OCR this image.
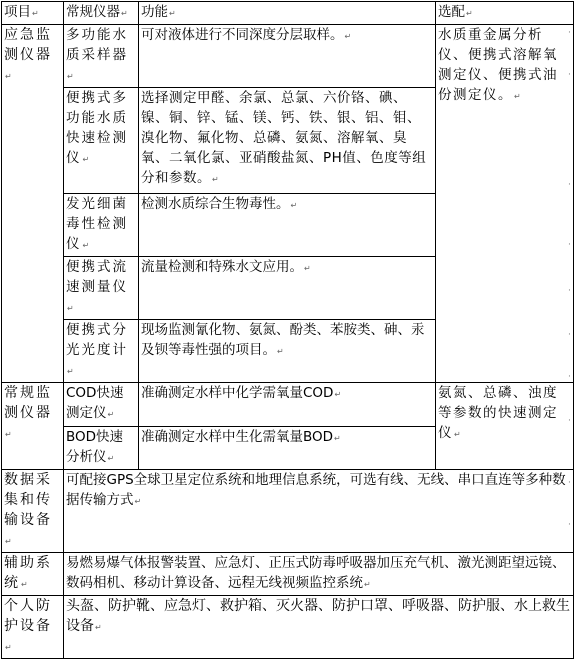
项目↵	常规仪器↵	功能↵	选配↵
应急监测仪器↵	多功能水质采样器↵	可对液体进行不同深度分层取样。↵	水质重金属分析仪、便携式溶解氧测定仪、便携式油份测定仪。↵
	便携式多功能水质快速检测仪↵	选择测定甲醛、余氯、总氯、六价铬、碘、镍、铜、锌、锰、镁、钙、铁、银、铝、钼、溴化物、氟化物、总磷、氨氮、溶解氧、臭氧、二氧化氯、亚硝酸盐氮、PH值、色度等组分和参数。↵	
	发光细菌毒性检测仪↵	检测水质综合生物毒性。↵	
	便携式流速测量仪↵	流量检测和特殊水文应用。↵	
	便携式分光光度计↵	现场监测氰化物、氨氮、酚类、苯胺类、砷、汞及钡等毒性强的项目。↵	
常规监测仪器↵	COD快速测定仪↵	准确测定水样中化学需氧量COD↵	氨氮、总磷、浊度等参数的快速测定仪↵
	BOD快速分析仪↵	准确测定水样中生化需氧量BOD↵	
数据采集和传输设备↵	可配接GPS全球卫星定位系统和地理信息系统，可选有线、无线、串口直连等多种数据传输方式↵		
辅助系统↵	易燃易爆气体报警装置、应急灯、正压式防毒呼吸器加压充气机、激光测距望远镜、数码相机、移动计算设备、远程无线视频监控系统↵		
个人防护设备↵	头盔、防护靴、应急灯、救护箱、灭火器、防护口罩、呼吸器、防护服、水上救生设备↵		
·
·
·
·
·
·
·
·
·
·
